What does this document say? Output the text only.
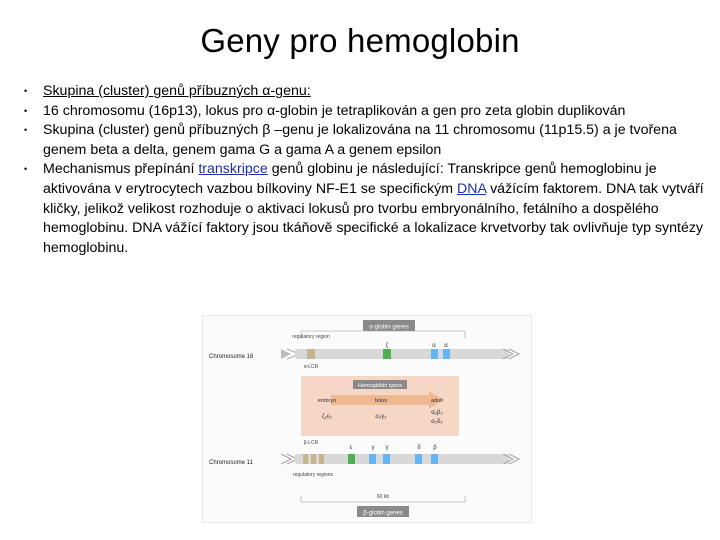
Geny pro hemoglobin
•	Skupina (cluster) genů příbuzných α-genu:
•	16 chromosomu (16p13), lokus pro α-globin je tetraplikován a gen pro zeta globin duplikován
•	Skupina (cluster) genů příbuzných β –genu je lokalizována na 11 chromosomu (11p15.5) a je tvořena genem beta a delta, genem gama G a gama A a genem epsilon
•	Mechanismus přepínání transkripce genů globinu je následující: Transkripce genů hemoglobinu je aktivována v erytrocytech vazbou bílkoviny NF-E1 se specifickým DNA vážícím faktorem. DNA tak vytváří kličky, jelikož velikost rozhoduje o aktivaci lokusů pro tvorbu embryonálního, fetálního a dospělého hemoglobinu. DNA vážící faktory jsou tkáňově specifické a lokalizace krvetvorby tak ovlivňuje typ syntézy hemoglobinu.
α-globin genes
Chromosome 16
regulatory region
ζ	α α
α-LCR
Hemoglobin types
embryo	fetus	adult
ζ₂ε₂	α₂γ₂
α₂β₂
α₂δ₂
β-LCR
ε	γ γ	δ β
Chromosome 11
regulatory regions
60 kb
β-globin genes
